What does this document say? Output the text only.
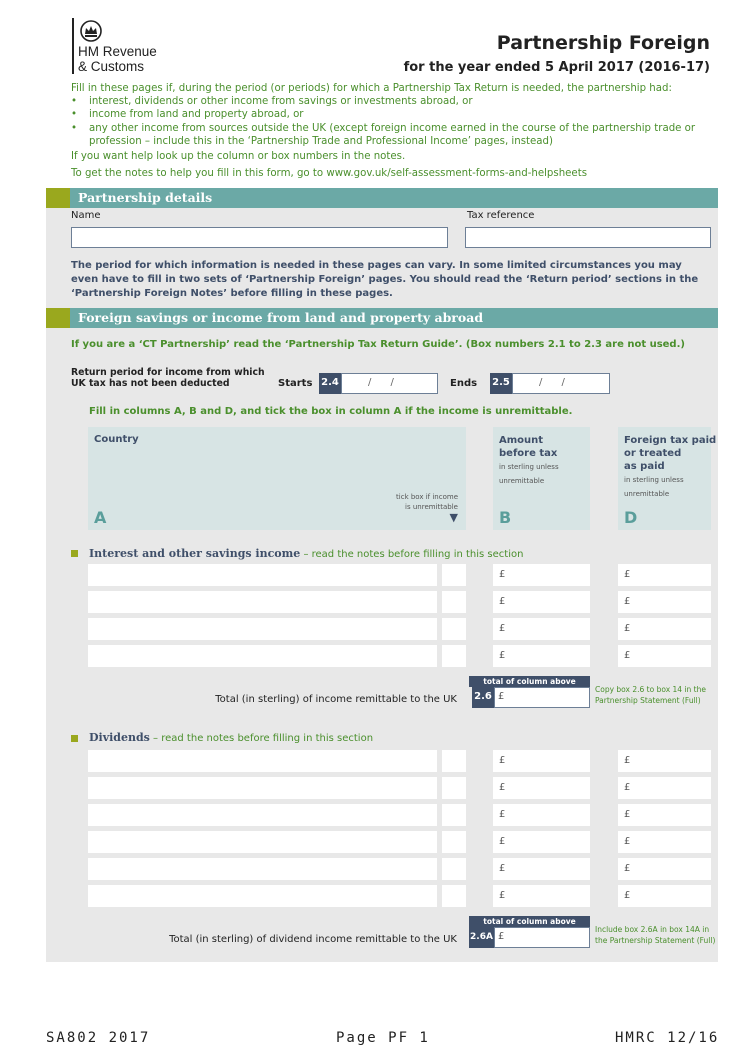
HM Revenue
& Customs
Partnership Foreign
for the year ended 5 April 2017 (2016-17)
Fill in these pages if, during the period (or periods) for which a Partnership Tax Return is needed, the partnership had:
• interest, dividends or other income from savings or investments abroad, or
• income from land and property abroad, or
• any other income from sources outside the UK (except foreign income earned in the course of the partnership trade or
profession – include this in the ‘Partnership Trade and Professional Income’ pages, instead)
If you want help look up the column or box numbers in the notes.
To get the notes to help you fill in this form, go to www.gov.uk/self-assessment-forms-and-helpsheets
Partnership details
Name	Tax reference
The period for which information is needed in these pages can vary. In some limited circumstances you may
even have to fill in two sets of ‘Partnership Foreign’ pages. You should read the ‘Return period’ sections in the
‘Partnership Foreign Notes’ before filling in these pages.
Foreign savings or income from land and property abroad
If you are a ‘CT Partnership’ read the ‘Partnership Tax Return Guide’. (Box numbers 2.1 to 2.3 are not used.)
Return period for income from which
UK tax has not been deducted	Starts 2.4	/      /	Ends 2.5	/      /
Fill in columns A, B and D, and tick the box in column A if the income is unremittable.
Country
tick box if income
is unremittable
▼
A
Amount
before tax
in sterling unless
unremittable
B
Foreign tax paid
or treated
as paid
in sterling unless
unremittable
D
Interest and other savings income – read the notes before filling in this section
£	£
£	£
£	£
£	£
total of column above
Total (in sterling) of income remittable to the UK 2.6 £
Copy box 2.6 to box 14 in the
Partnership Statement (Full)
Dividends – read the notes before filling in this section
£	£
£	£
£	£
£	£
£	£
£	£
total of column above
Total (in sterling) of dividend income remittable to the UK 2.6A £
Include box 2.6A in box 14A in
the Partnership Statement (Full)
SA802 2017	Page PF 1	HMRC 12/16
